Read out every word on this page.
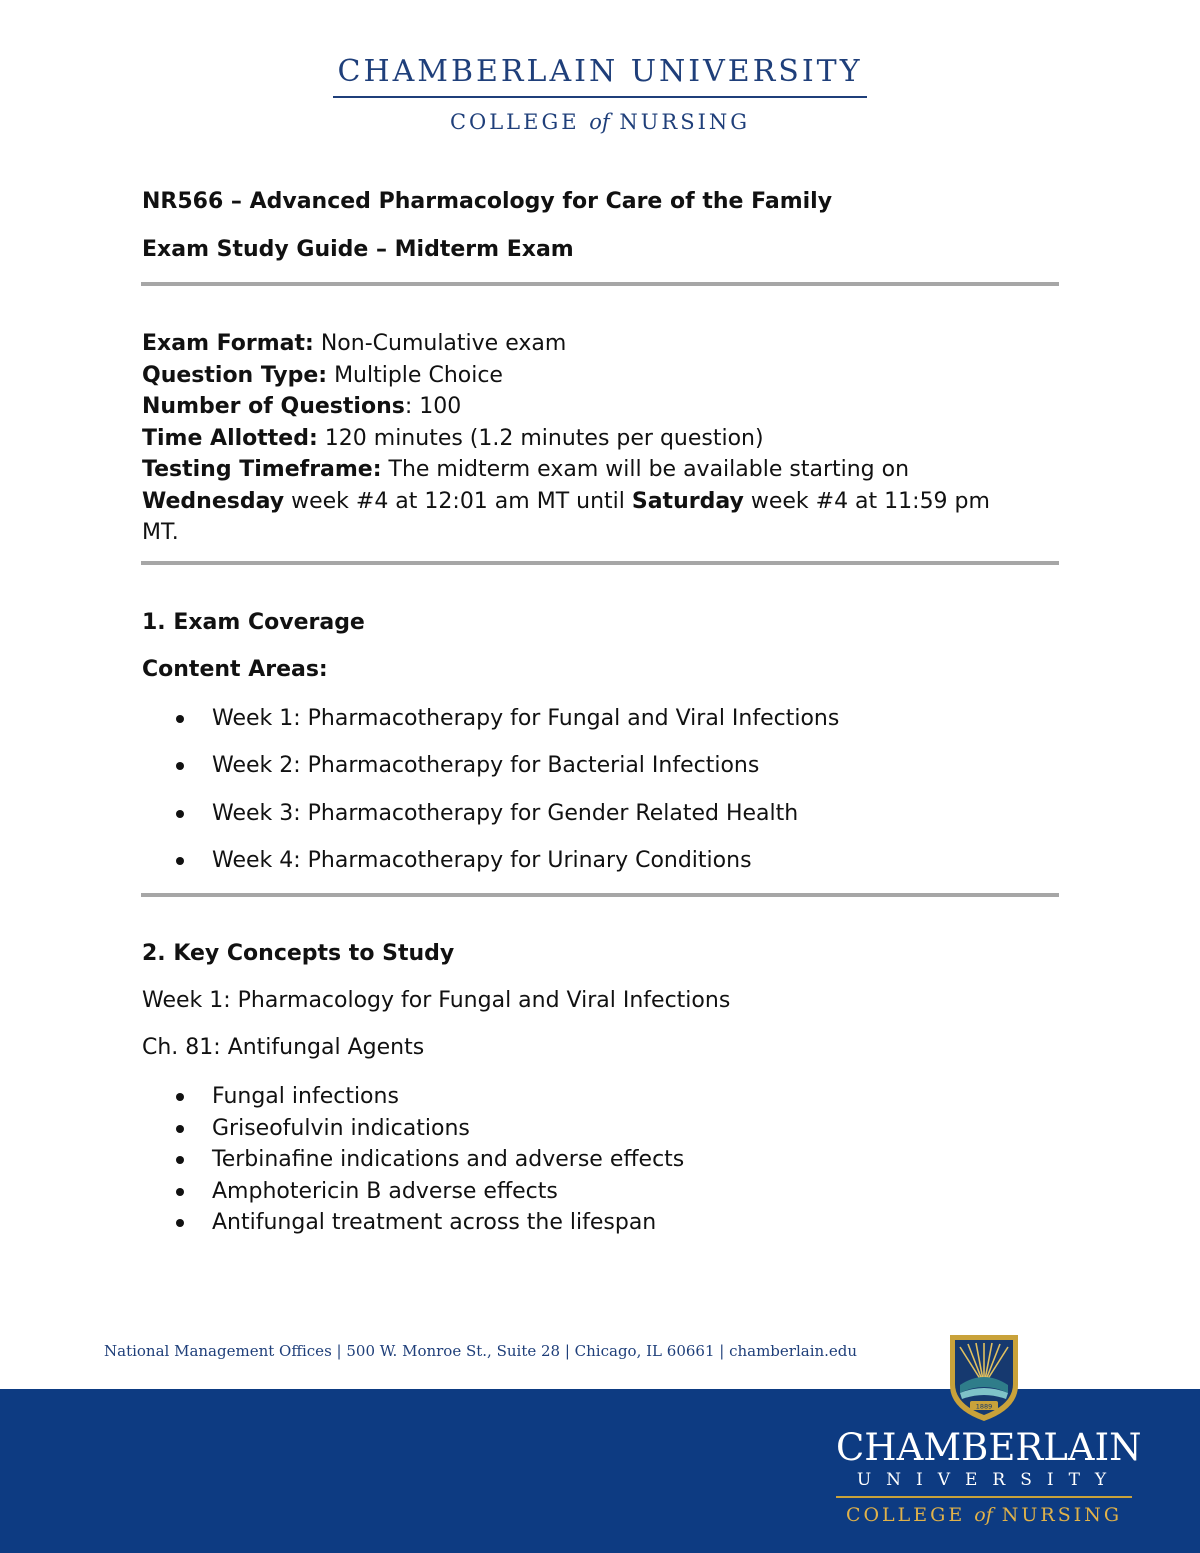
CHAMBERLAIN UNIVERSITY
COLLEGE of NURSING
NR566 – Advanced Pharmacology for Care of the Family
Exam Study Guide – Midterm Exam
Exam Format: Non-Cumulative exam
Question Type: Multiple Choice
Number of Questions: 100
Time Allotted: 120 minutes (1.2 minutes per question)
Testing Timeframe: The midterm exam will be available starting on
Wednesday week #4 at 12:01 am MT until Saturday week #4 at 11:59 pm
MT.
1. Exam Coverage
Content Areas:
Week 1: Pharmacotherapy for Fungal and Viral Infections
Week 2: Pharmacotherapy for Bacterial Infections
Week 3: Pharmacotherapy for Gender Related Health
Week 4: Pharmacotherapy for Urinary Conditions
2. Key Concepts to Study
Week 1: Pharmacology for Fungal and Viral Infections
Ch. 81: Antifungal Agents
Fungal infections
Griseofulvin indications
Terbinafine indications and adverse effects
Amphotericin B adverse effects
Antifungal treatment across the lifespan
National Management Offices | 500 W. Monroe St., Suite 28 | Chicago, IL 60661 | chamberlain.edu
1889
CHAMBERLAIN
UNIVERSITY
COLLEGE of NURSING
